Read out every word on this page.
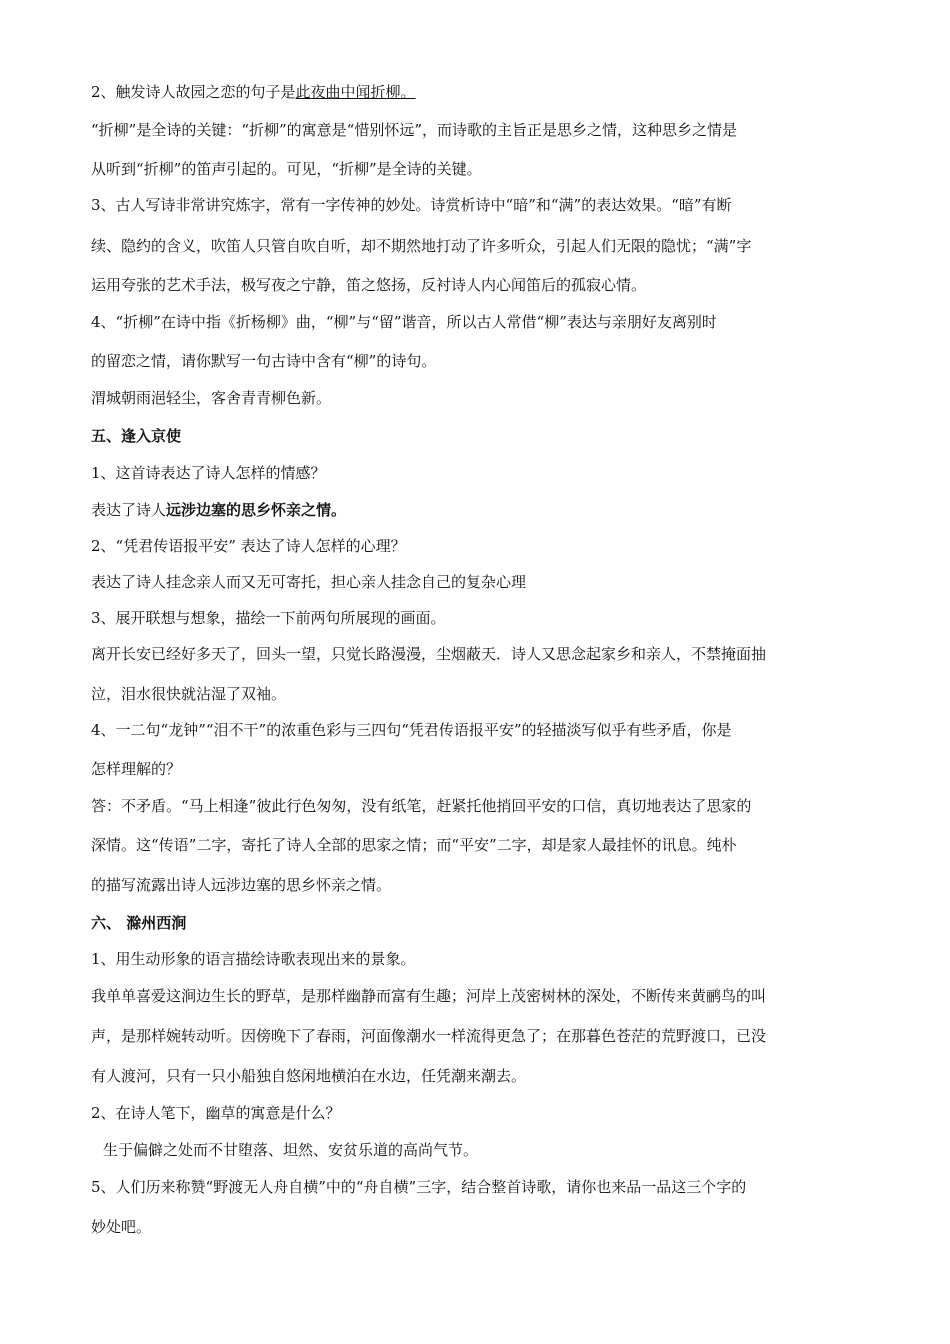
2、触发诗人故园之恋的句子是此夜曲中闻折柳。
“折柳”是全诗的关键：“折柳”的寓意是“惜别怀远”，而诗歌的主旨正是思乡之情，这种思乡之情是
从听到“折柳”的笛声引起的。可见，“折柳”是全诗的关键。
3、古人写诗非常讲究炼字，常有一字传神的妙处。诗赏析诗中“暗”和“满”的表达效果。“暗”有断
续、隐约的含义，吹笛人只管自吹自听，却不期然地打动了许多听众，引起人们无限的隐忧；“满”字
运用夸张的艺术手法，极写夜之宁静，笛之悠扬，反衬诗人内心闻笛后的孤寂心情。
4、“折柳”在诗中指《折杨柳》曲，“柳”与“留”谐音，所以古人常借“柳”表达与亲朋好友离别时
的留恋之情，请你默写一句古诗中含有“柳”的诗句。
渭城朝雨浥轻尘，客舍青青柳色新。
五、逢入京使
1、这首诗表达了诗人怎样的情感？
表达了诗人远涉边塞的思乡怀亲之情。
2、“凭君传语报平安” 表达了诗人怎样的心理？
表达了诗人挂念亲人而又无可寄托，担心亲人挂念自己的复杂心理
3、展开联想与想象，描绘一下前两句所展现的画面。
离开长安已经好多天了，回头一望，只觉长路漫漫，尘烟蔽天．诗人又思念起家乡和亲人，不禁掩面抽
泣，泪水很快就沾湿了双袖。
4、一二句“龙钟”“泪不干”的浓重色彩与三四句“凭君传语报平安”的轻描淡写似乎有些矛盾，你是
怎样理解的？
答：不矛盾。“马上相逢”彼此行色匆匆，没有纸笔，赶紧托他捎回平安的口信，真切地表达了思家的
深情。这“传语”二字，寄托了诗人全部的思家之情；而“平安”二字，却是家人最挂怀的讯息。纯朴
的描写流露出诗人远涉边塞的思乡怀亲之情。
六、 滁州西涧
1、用生动形象的语言描绘诗歌表现出来的景象。
我单单喜爱这涧边生长的野草，是那样幽静而富有生趣；河岸上茂密树林的深处，不断传来黄鹂鸟的叫
声，是那样婉转动听。因傍晚下了春雨，河面像潮水一样流得更急了；在那暮色苍茫的荒野渡口，已没
有人渡河，只有一只小船独自悠闲地横泊在水边，任凭潮来潮去。
2、在诗人笔下，幽草的寓意是什么？
生于偏僻之处而不甘堕落、坦然、安贫乐道的高尚气节。
5、人们历来称赞“野渡无人舟自横”中的“舟自横”三字，结合整首诗歌，请你也来品一品这三个字的
妙处吧。
